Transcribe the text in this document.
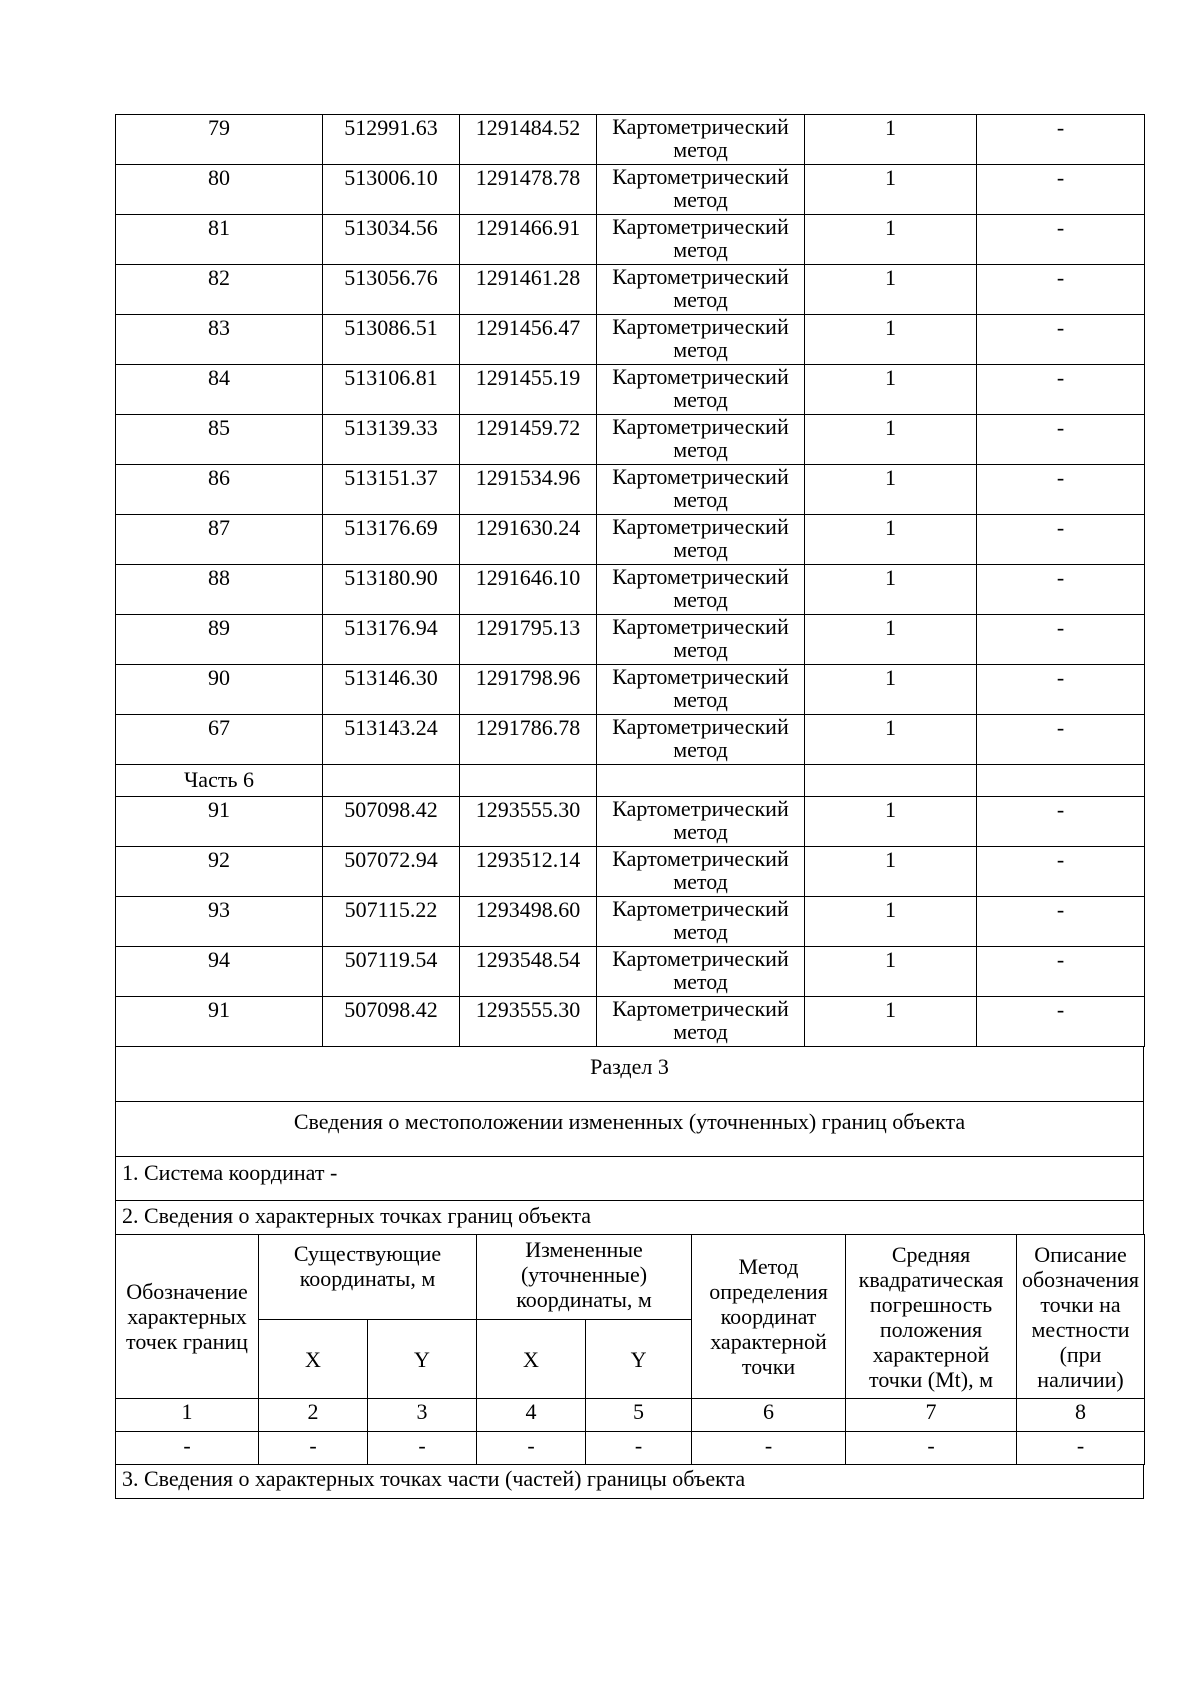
79	512991.63	1291484.52	Картометрический метод	1	-
80	513006.10	1291478.78	Картометрический метод	1	-
81	513034.56	1291466.91	Картометрический метод	1	-
82	513056.76	1291461.28	Картометрический метод	1	-
83	513086.51	1291456.47	Картометрический метод	1	-
84	513106.81	1291455.19	Картометрический метод	1	-
85	513139.33	1291459.72	Картометрический метод	1	-
86	513151.37	1291534.96	Картометрический метод	1	-
87	513176.69	1291630.24	Картометрический метод	1	-
88	513180.90	1291646.10	Картометрический метод	1	-
89	513176.94	1291795.13	Картометрический метод	1	-
90	513146.30	1291798.96	Картометрический метод	1	-
67	513143.24	1291786.78	Картометрический метод	1	-
Часть 6					
91	507098.42	1293555.30	Картометрический метод	1	-
92	507072.94	1293512.14	Картометрический метод	1	-
93	507115.22	1293498.60	Картометрический метод	1	-
94	507119.54	1293548.54	Картометрический метод	1	-
91	507098.42	1293555.30	Картометрический метод	1	-
Раздел 3
Сведения о местоположении измененных (уточненных) границ объекта
1. Система координат -
2. Сведения о характерных точках границ объекта
Обозначение характерных точек границ	Существующие координаты, м		Измененные (уточненные) координаты, м		Метод определения координат характерной точки	Средняя квадратическая погрешность положения характерной точки (Mt), м	Описание обозначения точки на местности (при наличии)
	X	Y	X	Y			
1	2	3	4	5	6	7	8
-	-	-	-	-	-	-	-
3. Сведения о характерных точках части (частей) границы объекта
